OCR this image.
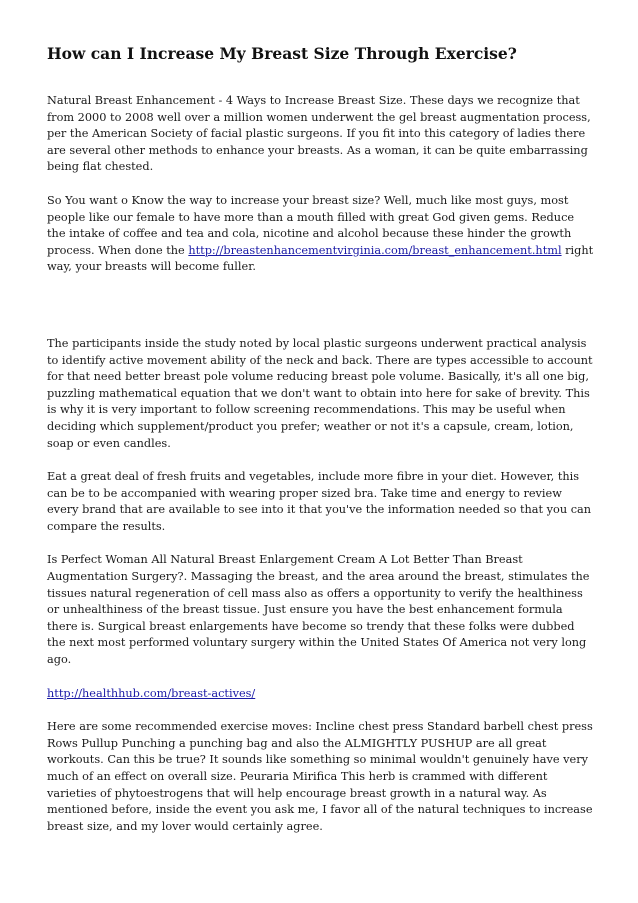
How can I Increase My Breast Size Through Exercise?

Natural Breast Enhancement - 4 Ways to Increase Breast Size. These days we recognize that from 2000 to 2008 well over a million women underwent the gel breast augmentation process, per the American Society of facial plastic surgeons. If you fit into this category of ladies there are several other methods to enhance your breasts. As a woman, it can be quite embarrassing being flat chested.

So You want o Know the way to increase your breast size? Well, much like most guys, most people like our female to have more than a mouth filled with great God given gems. Reduce the intake of coffee and tea and cola, nicotine and alcohol because these hinder the growth process. When done the http://breastenhancementvirginia.com/breast_enhancement.html right way, your breasts will become fuller.

The participants inside the study noted by local plastic surgeons underwent practical analysis to identify active movement ability of the neck and back. There are types accessible to account for that need better breast pole volume reducing breast pole volume. Basically, it's all one big, puzzling mathematical equation that we don't want to obtain into here for sake of brevity. This is why it is very important to follow screening recommendations. This may be useful when deciding which supplement/product you prefer; weather or not it's a capsule, cream, lotion, soap or even candles.

Eat a great deal of fresh fruits and vegetables, include more fibre in your diet. However, this can be to be accompanied with wearing proper sized bra. Take time and energy to review every brand that are available to see into it that you've the information needed so that you can compare the results.

Is Perfect Woman All Natural Breast Enlargement Cream A Lot Better Than Breast Augmentation Surgery?. Massaging the breast, and the area around the breast, stimulates the tissues natural regeneration of cell mass also as offers a opportunity to verify the healthiness or unhealthiness of the breast tissue. Just ensure you have the best enhancement formula there is. Surgical breast enlargements have become so trendy that these folks were dubbed the next most performed voluntary surgery within the United States Of America not very long ago.

http://healthhub.com/breast-actives/

Here are some recommended exercise moves: Incline chest press Standard barbell chest press Rows Pullup Punching a punching bag and also the ALMIGHTLY PUSHUP are all great workouts. Can this be true? It sounds like something so minimal wouldn't genuinely have very much of an effect on overall size. Peuraria Mirifica This herb is crammed with different varieties of phytoestrogens that will help encourage breast growth in a natural way. As mentioned before, inside the event you ask me, I favor all of the natural techniques to increase breast size, and my lover would certainly agree.
